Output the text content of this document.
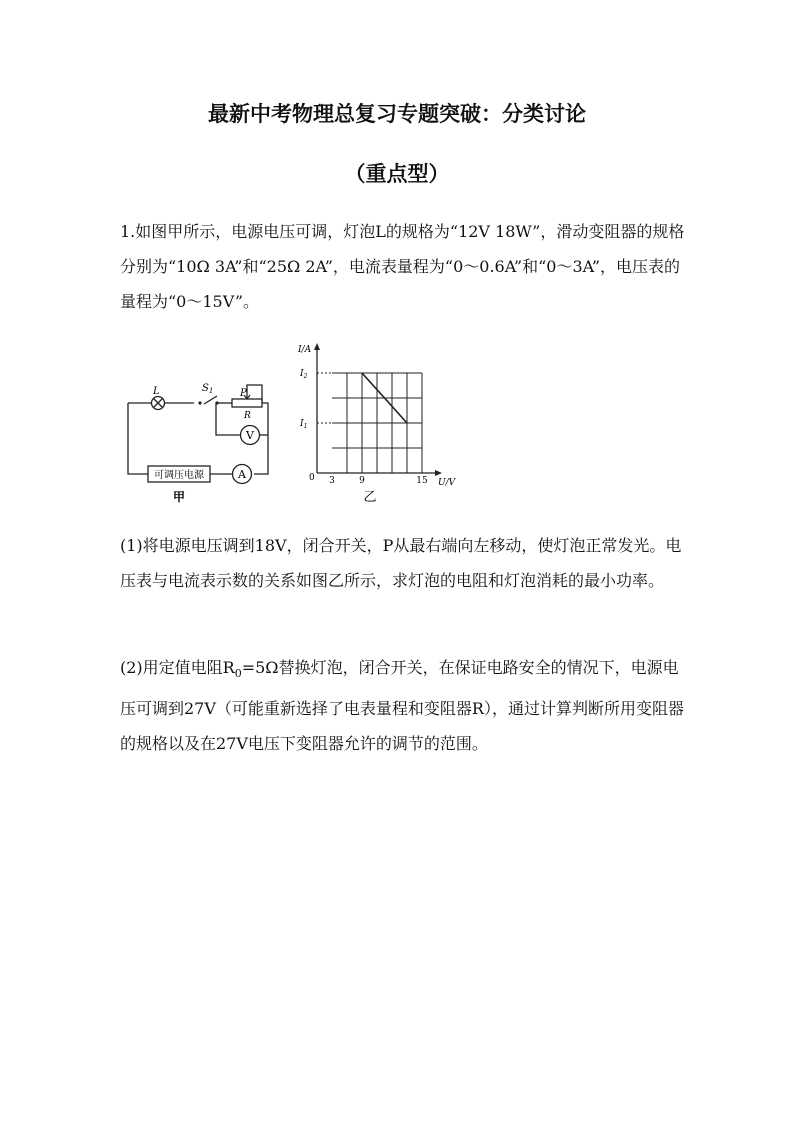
最新中考物理总复习专题突破：分类讨论
（重点型）

1.如图甲所示，电源电压可调，灯泡L的规格为“12V 18W”，滑动变阻器的规格分别为“10Ω 3A”和“25Ω 2A”，电流表量程为“0～0.6A”和“0～3A”，电压表的量程为“0～15V”。

L	$S_1$	P
R
V
A
可调压电源
甲
I/A
$I_2$
$I_1$
0 3	9	15 U/V
乙

(1)将电源电压调到18V，闭合开关，P从最右端向左移动，使灯泡正常发光。电压表与电流表示数的关系如图乙所示，求灯泡的电阻和灯泡消耗的最小功率。

(2)用定值电阻$R_0=5\Omega$替换灯泡，闭合开关，在保证电路安全的情况下，电源电压可调到27V（可能重新选择了电表量程和变阻器R），通过计算判断所用变阻器的规格以及在27V电压下变阻器允许的调节的范围。
